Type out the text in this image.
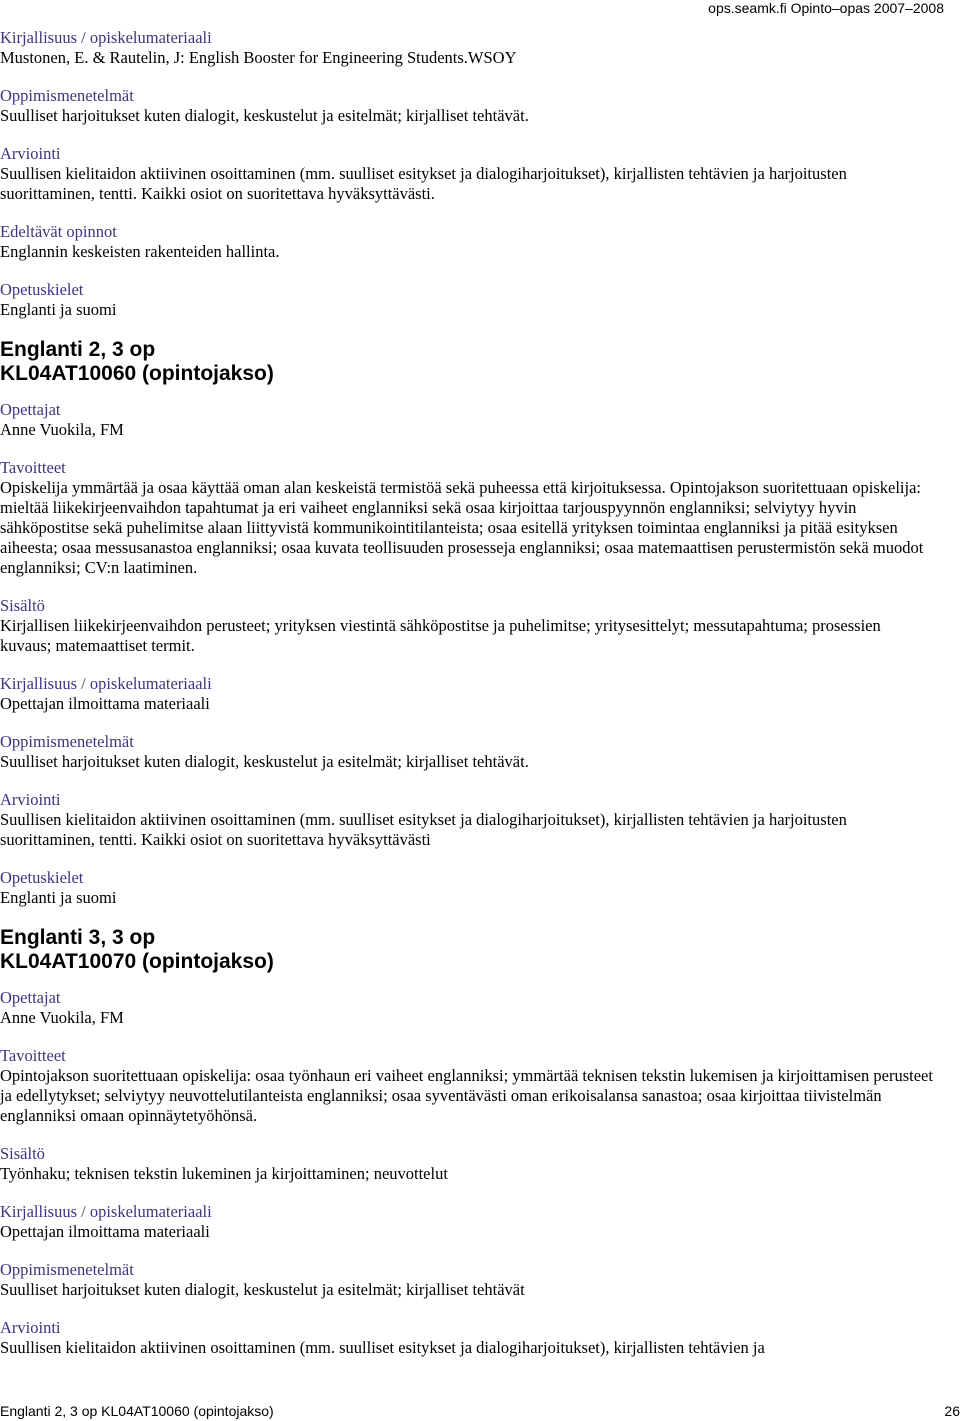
ops.seamk.fi Opinto–opas 2007–2008
Kirjallisuus / opiskelumateriaali
Mustonen, E. & Rautelin, J: English Booster for Engineering Students.WSOY
Oppimismenetelmät
Suulliset harjoitukset kuten dialogit, keskustelut ja esitelmät; kirjalliset tehtävät.
Arviointi
Suullisen kielitaidon aktiivinen osoittaminen (mm. suulliset esitykset ja dialogiharjoitukset), kirjallisten tehtävien ja harjoitusten suorittaminen, tentti. Kaikki osiot on suoritettava hyväksyttävästi.
Edeltävät opinnot
Englannin keskeisten rakenteiden hallinta.
Opetuskielet
Englanti ja suomi
Englanti 2, 3 op
KL04AT10060 (opintojakso)
Opettajat
Anne Vuokila, FM
Tavoitteet
Opiskelija ymmärtää ja osaa käyttää oman alan keskeistä termistöä sekä puheessa että kirjoituksessa. Opintojakson suoritettuaan opiskelija: mieltää liikekirjeenvaihdon tapahtumat ja eri vaiheet englanniksi sekä osaa kirjoittaa tarjouspyynnön englanniksi; selviytyy hyvin sähköpostitse sekä puhelimitse alaan liittyvistä kommunikointitilanteista; osaa esitellä yrityksen toimintaa englanniksi ja pitää esityksen aiheesta; osaa messusanastoa englanniksi; osaa kuvata teollisuuden prosesseja englanniksi; osaa matemaattisen perustermistön sekä muodot englanniksi; CV:n laatiminen.
Sisältö
Kirjallisen liikekirjeenvaihdon perusteet; yrityksen viestintä sähköpostitse ja puhelimitse; yritysesittelyt; messutapahtuma; prosessien kuvaus; matemaattiset termit.
Kirjallisuus / opiskelumateriaali
Opettajan ilmoittama materiaali
Oppimismenetelmät
Suulliset harjoitukset kuten dialogit, keskustelut ja esitelmät; kirjalliset tehtävät.
Arviointi
Suullisen kielitaidon aktiivinen osoittaminen (mm. suulliset esitykset ja dialogiharjoitukset), kirjallisten tehtävien ja harjoitusten suorittaminen, tentti. Kaikki osiot on suoritettava hyväksyttävästi
Opetuskielet
Englanti ja suomi
Englanti 3, 3 op
KL04AT10070 (opintojakso)
Opettajat
Anne Vuokila, FM
Tavoitteet
Opintojakson suoritettuaan opiskelija: osaa työnhaun eri vaiheet englanniksi; ymmärtää teknisen tekstin lukemisen ja kirjoittamisen perusteet ja edellytykset; selviytyy neuvottelutilanteista englanniksi; osaa syventävästi oman erikoisalansa sanastoa; osaa kirjoittaa tiivistelmän englanniksi omaan opinnäytetyöhönsä.
Sisältö
Työnhaku; teknisen tekstin lukeminen ja kirjoittaminen; neuvottelut
Kirjallisuus / opiskelumateriaali
Opettajan ilmoittama materiaali
Oppimismenetelmät
Suulliset harjoitukset kuten dialogit, keskustelut ja esitelmät; kirjalliset tehtävät
Arviointi
Suullisen kielitaidon aktiivinen osoittaminen (mm. suulliset esitykset ja dialogiharjoitukset), kirjallisten tehtävien ja
Englanti 2, 3 op KL04AT10060 (opintojakso)	26
